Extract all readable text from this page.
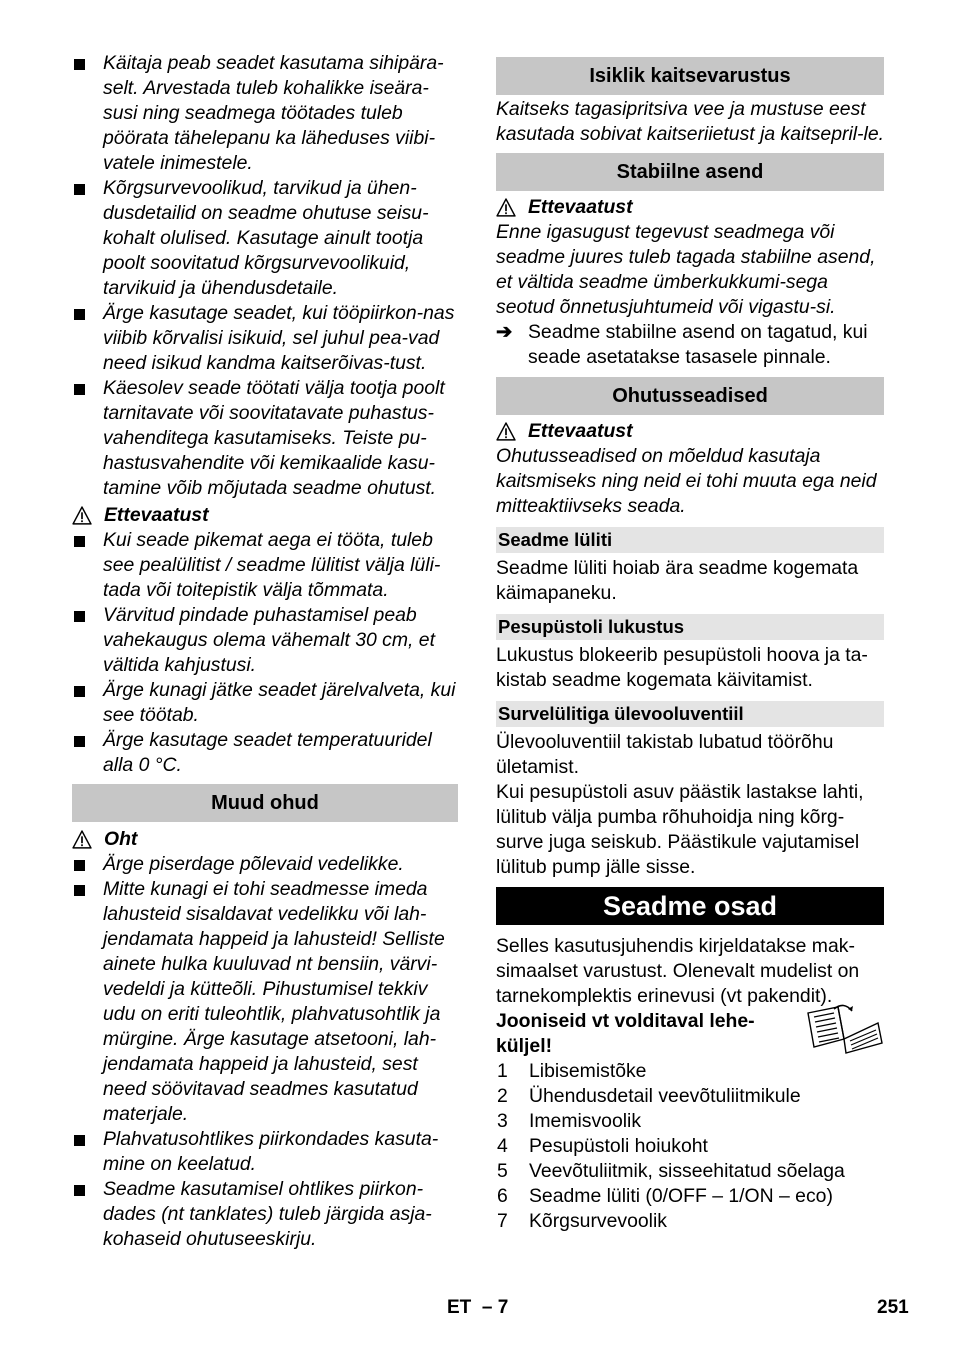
Käitaja peab seadet kasutama sihipära-selt. Arvestada tuleb kohalikke iseära-susi ning seadmega töötades tuleb pöörata tähelepanu ka läheduses viibi-vatele inimestele.
Kõrgsurvevoolikud, tarvikud ja ühen-dusdetailid on seadme ohutuse seisu-kohalt olulised. Kasutage ainult tootja poolt soovitatud kõrgsurvevoolikuid, tarvikuid ja ühendusdetaile.
Ärge kasutage seadet, kui tööpiirkon-nas viibib kõrvalisi isikuid, sel juhul pea-vad need isikud kandma kaitserõivas-tust.
Käesolev seade töötati välja tootja poolt tarnitavate või soovitatavate puhastus-vahenditega kasutamiseks. Teiste pu-hastusvahendite või kemikaalide kasu-tamine võib mõjutada seadme ohutust.
Ettevaatust
Kui seade pikemat aega ei tööta, tuleb see pealülitist / seadme lülitist välja lüli-tada või toitepistik välja tõmmata.
Värvitud pindade puhastamisel peab vahekaugus olema vähemalt 30 cm, et vältida kahjustusi.
Ärge kunagi jätke seadet järelvalveta, kui see töötab.
Ärge kasutage seadet temperatuuridel alla 0 °C.
Muud ohud
Oht
Ärge piserdage põlevaid vedelikke.
Mitte kunagi ei tohi seadmesse imeda lahusteid sisaldavat vedelikku või lah-jendamata happeid ja lahusteid! Selliste ainete hulka kuuluvad nt bensiin, värvi-vedeldi ja kütteõli. Pihustumisel tekkiv udu on eriti tuleohtlik, plahvatusohtlik ja mürgine. Ärge kasutage atsetooni, lah-jendamata happeid ja lahusteid, sest need söövitavad seadmes kasutatud materjale.
Plahvatusohtlikes piirkondades kasuta-mine on keelatud.
Seadme kasutamisel ohtlikes piirkon-dades (nt tanklates) tuleb järgida asja-kohaseid ohutuseeskirju.
Isiklik kaitsevarustus
Kaitseks tagasipritsiva vee ja mustuse eest kasutada sobivat kaitseriietust ja kaitsepril-le.
Stabiilne asend
Ettevaatust
Enne igasugust tegevust seadmega või seadme juures tuleb tagada stabiilne asend, et vältida seadme ümberkukkumi-sega seotud õnnetusjuhtumeid või vigastu-si.
➔ Seadme stabiilne asend on tagatud, kui seade asetatakse tasasele pinnale.
Ohutusseadised
Ettevaatust
Ohutusseadised on mõeldud kasutaja kaitsmiseks ning neid ei tohi muuta ega neid mitteaktiivseks seada.
Seadme lüliti
Seadme lüliti hoiab ära seadme kogemata käimapaneku.
Pesupüstoli lukustus
Lukustus blokeerib pesupüstoli hoova ja ta-kistab seadme kogemata käivitamist.
Survelülitiga ülevooluventiil
Ülevooluventiil takistab lubatud töörõhu ületamist.
Kui pesupüstoli asuv päästik lastakse lahti, lülitub välja pumba rõhuhoidja ning kõrg-surve juga seiskub. Päästikule vajutamisel lülitub pump jälle sisse.
Seadme osad
Selles kasutusjuhendis kirjeldatakse mak-simaalset varustust. Olenevalt mudelist on tarnekomplektis erinevusi (vt pakendit).
Jooniseid vt volditaval lehe-küljel!
1 Libisemistõke
2 Ühendusdetail veevõtuliitmikule
3 Imemisvoolik
4 Pesupüstoli hoiukoht
5 Veevõtuliitmik, sisseehitatud sõelaga
6 Seadme lüliti (0/OFF – 1/ON – eco)
7 Kõrgsurvevoolik
ET – 7	251
